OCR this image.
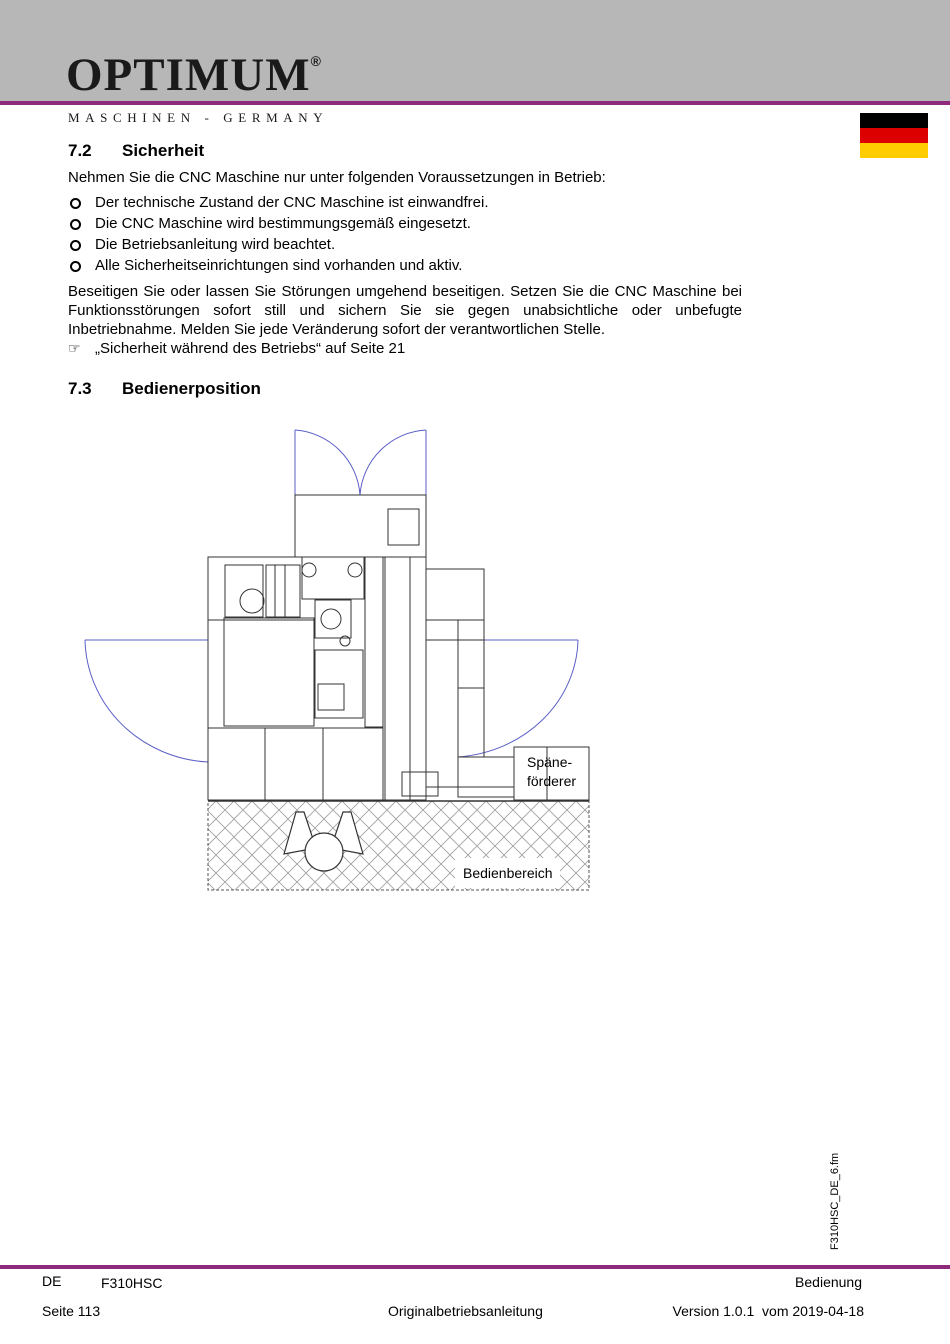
OPTIMUM®
MASCHINEN - GERMANY
7.2 Sicherheit
Nehmen Sie die CNC Maschine nur unter folgenden Voraussetzungen in Betrieb:
Der technische Zustand der CNC Maschine ist einwandfrei.
Die CNC Maschine wird bestimmungsgemäß eingesetzt.
Die Betriebsanleitung wird beachtet.
Alle Sicherheitseinrichtungen sind vorhanden und aktiv.
Beseitigen Sie oder lassen Sie Störungen umgehend beseitigen. Setzen Sie die CNC Maschine bei Funktionsstörungen sofort still und sichern Sie sie gegen unabsichtliche oder unbefugte Inbetriebnahme. Melden Sie jede Veränderung sofort der verantwortlichen Stelle.
☞ „Sicherheit während des Betriebs“ auf Seite 21
7.3 Bedienerposition
Späne-
förderer
Bedienbereich
F310HSC_DE_6.fm
DE	F310HSC	Bedienung
Seite 113	Originalbetriebsanleitung	Version 1.0.1  vom 2019-04-18
